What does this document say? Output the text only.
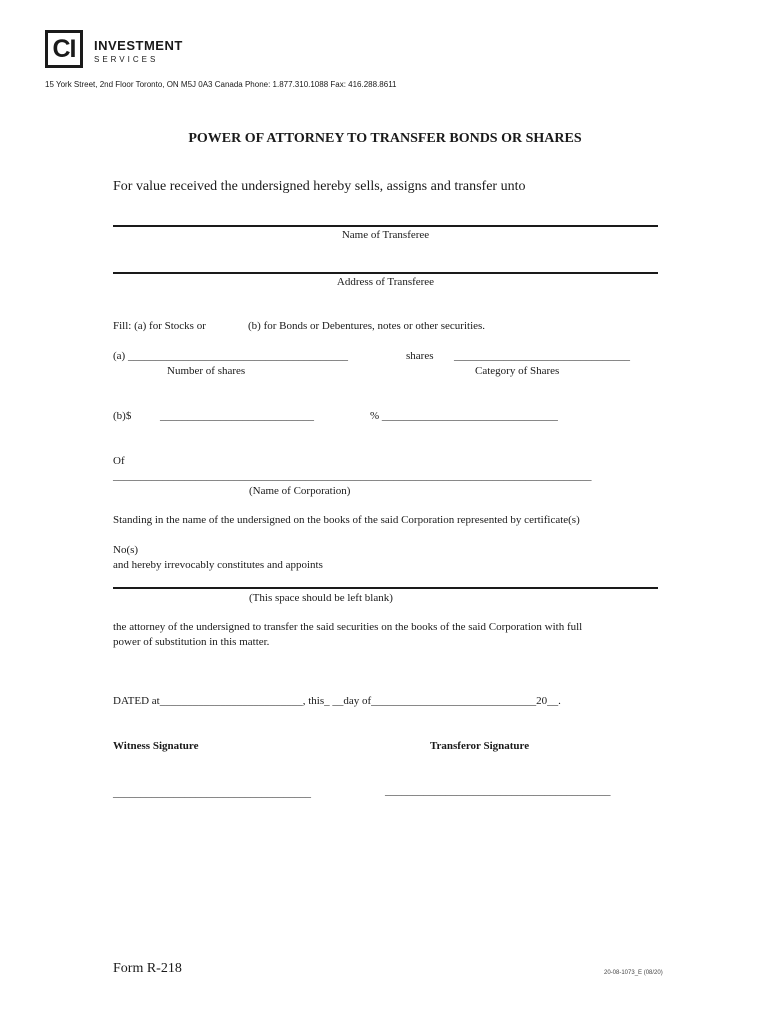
CI	INVESTMENT
SERVICES
15 York Street, 2nd Floor Toronto, ON M5J 0A3 Canada Phone: 1.877.310.1088 Fax: 416.288.8611
POWER OF ATTORNEY TO TRANSFER BONDS OR SHARES
For value received the undersigned hereby sells, assigns and transfer unto
Name of Transferee
Address of Transferee
Fill: (a) for Stocks or	(b) for Bonds or Debentures, notes or other securities.
(a) ________________________________________	shares ________________________________
Number of shares	Category of Shares
(b)$	____________________________	% ________________________________
Of
_______________________________________________________________________________________
(Name of Corporation)
Standing in the name of the undersigned on the books of the said Corporation represented by certificate(s)
No(s)
and hereby irrevocably constitutes and appoints
(This space should be left blank)
the attorney of the undersigned to transfer the said securities on the books of the said Corporation with full
power of substitution in this matter.
DATED at__________________________, this_ __day of______________________________20__.
Witness Signature	Transferor Signature
____________________________________	_________________________________________
Form R-218	20-08-1073_E (08/20)
